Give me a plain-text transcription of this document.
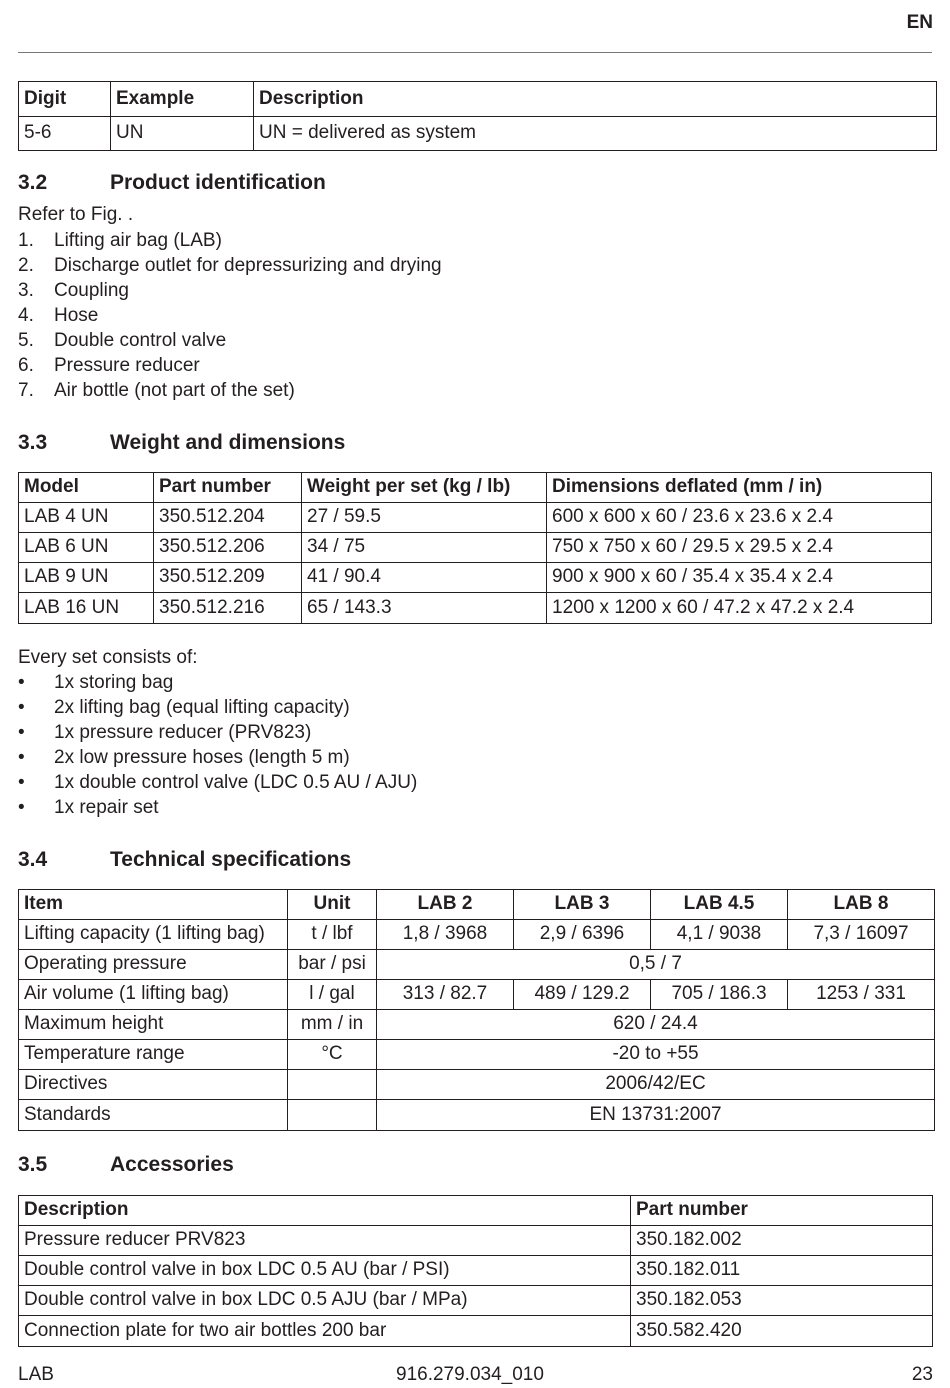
EN
Digit	Example	Description
5-6	UN	UN = delivered as system
3.2	Product identification

Refer to Fig. .

1. Lifting air bag (LAB)
2. Discharge outlet for depressurizing and drying
3. Coupling
4. Hose
5. Double control valve
6. Pressure reducer
7. Air bottle (not part of the set)
3.3	Weight and dimensions
Model	Part number	Weight per set (kg / lb)	Dimensions deflated (mm / in)
LAB 4 UN	350.512.204	27 / 59.5	600 x 600 x 60 / 23.6 x 23.6 x 2.4
LAB 6 UN	350.512.206	34 / 75	750 x 750 x 60 / 29.5 x 29.5 x 2.4
LAB 9 UN	350.512.209	41 / 90.4	900 x 900 x 60 / 35.4 x 35.4 x 2.4
LAB 16 UN	350.512.216	65 / 143.3	1200 x 1200 x 60 / 47.2 x 47.2 x 2.4

Every set consists of:

• 1x storing bag
• 2x lifting bag (equal lifting capacity)
• 1x pressure reducer (PRV823)
• 2x low pressure hoses (length 5 m)
• 1x double control valve (LDC 0.5 AU / AJU)
• 1x repair set
3.4	Technical specifications
Item	Unit	LAB 2	LAB 3	LAB 4.5	LAB 8
Lifting capacity (1 lifting bag)	t / lbf	1,8 / 3968	2,9 / 6396	4,1 / 9038	7,3 / 16097
Operating pressure	bar / psi	0,5 / 7			
Air volume (1 lifting bag)	l / gal	313 / 82.7	489 / 129.2	705 / 186.3	1253 / 331
Maximum height	mm / in	620 / 24.4			
Temperature range	°C	-20 to +55			
Directives		2006/42/EC			
Standards		EN 13731:2007			
3.5	Accessories
Description	Part number
Pressure reducer PRV823	350.182.002
Double control valve in box LDC 0.5 AU (bar / PSI)	350.182.011
Double control valve in box LDC 0.5 AJU (bar / MPa)	350.182.053
Connection plate for two air bottles 200 bar	350.582.420
LAB	916.279.034_010	23
